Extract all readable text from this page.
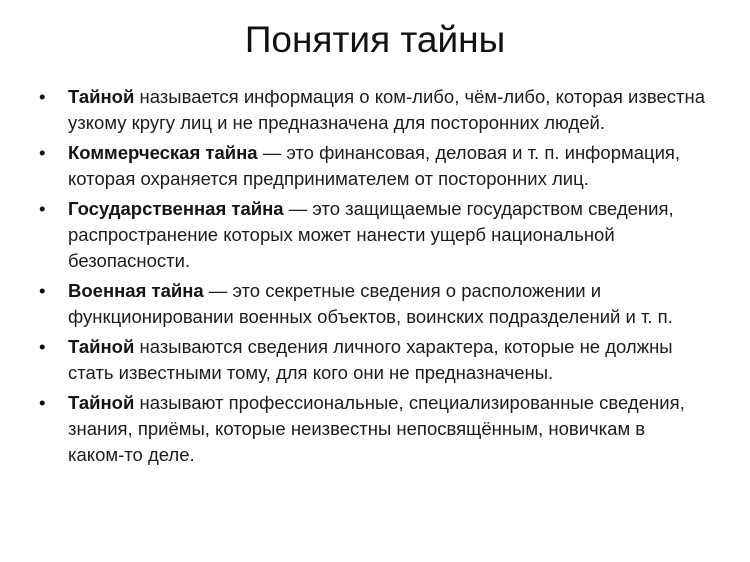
Понятия тайны
• Тайной называется информация о ком-либо, чём-либо, которая известна узкому кругу лиц и не предназначена для посторонних людей.
• Коммерческая тайна — это финансовая, деловая и т. п. информация, которая охраняется предпринимателем от посторонних лиц.
• Государственная тайна — это защищаемые государством сведения, распространение которых может нанести ущерб национальной безопасности.
• Военная тайна — это секретные сведения о расположении и функционировании военных объектов, воинских подразделений и т. п.
• Тайной называются сведения личного характера, которые не должны стать известными тому, для кого они не предназначены.
• Тайной называют профессиональные, специализированные сведения, знания, приёмы, которые неизвестны непосвящённым, новичкам в каком-то деле.
